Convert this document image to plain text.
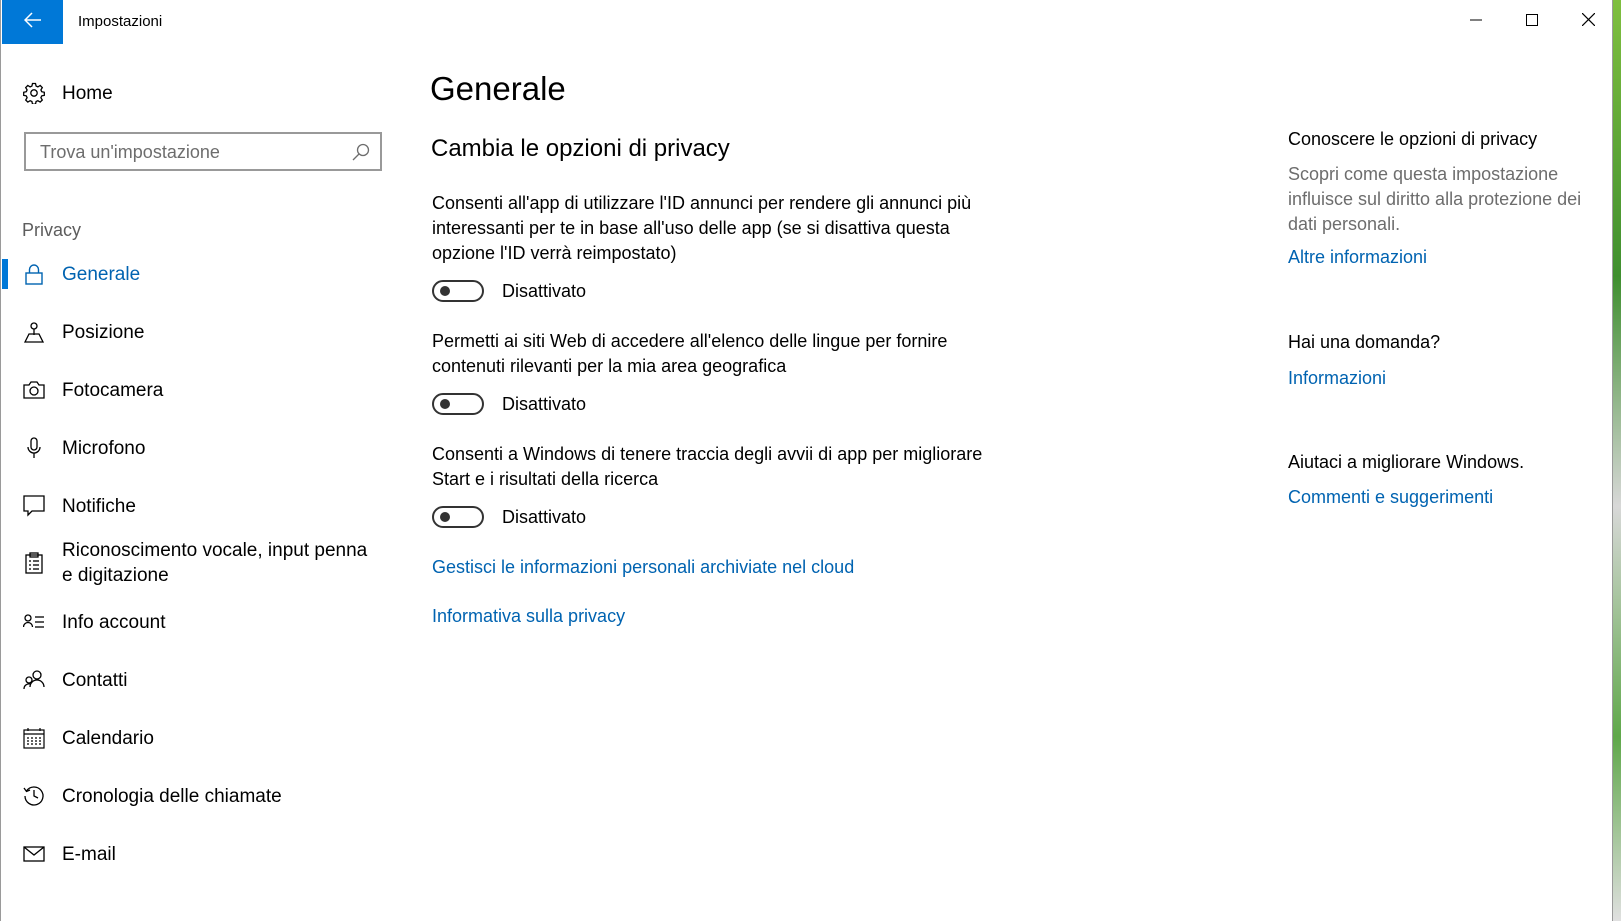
Impostazioni
Home
Trova un'impostazione
Privacy
Generale
Posizione
Fotocamera
Microfono
Notifiche
Riconoscimento vocale, input penna e digitazione
Info account
Contatti
Calendario
Cronologia delle chiamate
E-mail
Generale
Cambia le opzioni di privacy
Consenti all'app di utilizzare l'ID annunci per rendere gli annunci più interessanti per te in base all'uso delle app (se si disattiva questa opzione l'ID verrà reimpostato)
Disattivato
Permetti ai siti Web di accedere all'elenco delle lingue per fornire contenuti rilevanti per la mia area geografica
Disattivato
Consenti a Windows di tenere traccia degli avvii di app per migliorare Start e i risultati della ricerca
Disattivato
Gestisci le informazioni personali archiviate nel cloud
Informativa sulla privacy
Conoscere le opzioni di privacy
Scopri come questa impostazione influisce sul diritto alla protezione dei dati personali.
Altre informazioni
Hai una domanda?
Informazioni
Aiutaci a migliorare Windows.
Commenti e suggerimenti
